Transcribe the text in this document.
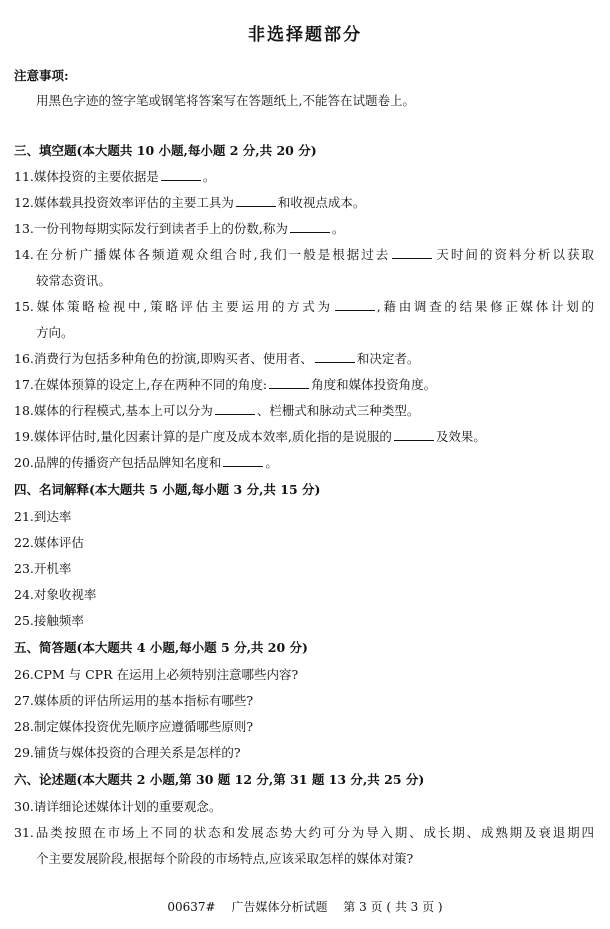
非选择题部分
注意事项:
用黑色字迹的签字笔或钢笔将答案写在答题纸上,不能答在试题卷上。
三、填空题(本大题共 10 小题,每小题 2 分,共 20 分)
11.媒体投资的主要依据是	。
12.媒体载具投资效率评估的主要工具为	和收视点成本。
13.一份刊物每期实际发行到读者手上的份数,称为	。
14.在分析广播媒体各频道观众组合时,我们一般是根据过去	天时间的资料分析以获取
较常态资讯。
15.媒体策略检视中,策略评估主要运用的方式为	,藉由调查的结果修正媒体计划的
方向。
16.消费行为包括多种角色的扮演,即购买者、使用者、	和决定者。
17.在媒体预算的设定上,存在两种不同的角度:	角度和媒体投资角度。
18.媒体的行程模式,基本上可以分为	、栏栅式和脉动式三种类型。
19.媒体评估时,量化因素计算的是广度及成本效率,质化指的是说服的	及效果。
20.品牌的传播资产包括品牌知名度和	。
四、名词解释(本大题共 5 小题,每小题 3 分,共 15 分)
21.到达率
22.媒体评估
23.开机率
24.对象收视率
25.接触频率
五、简答题(本大题共 4 小题,每小题 5 分,共 20 分)
26.CPM 与 CPR 在运用上必须特别注意哪些内容?
27.媒体质的评估所运用的基本指标有哪些?
28.制定媒体投资优先顺序应遵循哪些原则?
29.铺货与媒体投资的合理关系是怎样的?
六、论述题(本大题共 2 小题,第 30 题 12 分,第 31 题 13 分,共 25 分)
30.请详细论述媒体计划的重要观念。
31.品类按照在市场上不同的状态和发展态势大约可分为导入期、成长期、成熟期及衰退期四
个主要发展阶段,根据每个阶段的市场特点,应该采取怎样的媒体对策?
00637# 广告媒体分析试题 第 3 页 ( 共 3 页 )
